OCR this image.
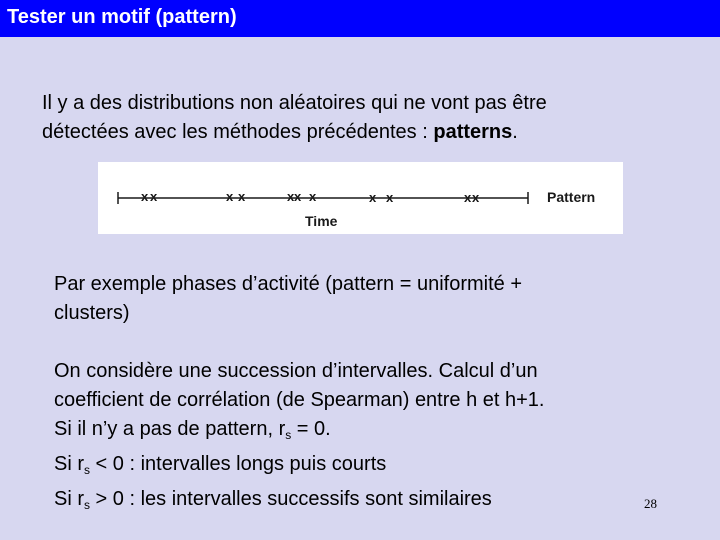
Tester un motif (pattern)
Il y a des distributions non aléatoires qui ne vont pas être
détectées avec les méthodes précédentes : patterns.
x x	x x	x x x	x x	x x
Time
Pattern
Par exemple phases d’activité (pattern = uniformité +
clusters)
On considère une succession d’intervalles. Calcul d’un
coefficient de corrélation (de Spearman) entre h et h+1.
Si il n’y a pas de pattern, $r_s = 0$.
Si $r_s < 0$ : intervalles longs puis courts
Si $r_s > 0$ : les intervalles successifs sont similaires	28
